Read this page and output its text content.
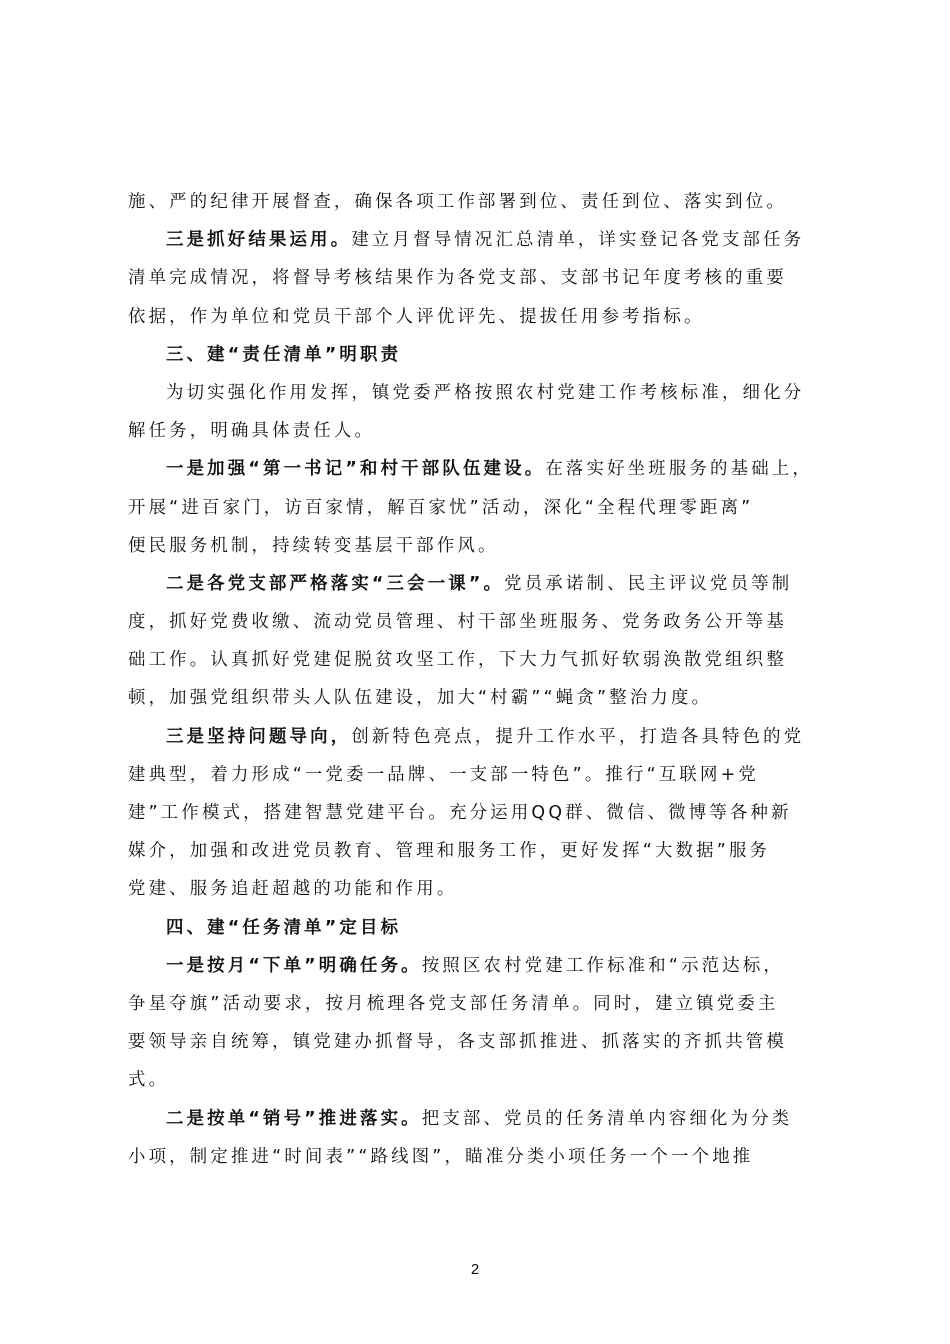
施、严的纪律开展督查，确保各项工作部署到位、责任到位、落实到位。
三是抓好结果运用。建立月督导情况汇总清单，详实登记各党支部任务
清单完成情况，将督导考核结果作为各党支部、支部书记年度考核的重要
依据，作为单位和党员干部个人评优评先、提拔任用参考指标。
三、建“责任清单”明职责
为切实强化作用发挥，镇党委严格按照农村党建工作考核标准，细化分
解任务，明确具体责任人。
一是加强“第一书记”和村干部队伍建设。在落实好坐班服务的基础上，
开展“进百家门，访百家情，解百家忧”活动，深化“全程代理零距离”
便民服务机制，持续转变基层干部作风。
二是各党支部严格落实“三会一课”。党员承诺制、民主评议党员等制
度，抓好党费收缴、流动党员管理、村干部坐班服务、党务政务公开等基
础工作。认真抓好党建促脱贫攻坚工作，下大力气抓好软弱涣散党组织整
顿，加强党组织带头人队伍建设，加大“村霸”“蝇贪”整治力度。
三是坚持问题导向，创新特色亮点，提升工作水平，打造各具特色的党
建典型，着力形成“一党委一品牌、一支部一特色”。推行“互联网+党
建”工作模式，搭建智慧党建平台。充分运用QQ群、微信、微博等各种新
媒介，加强和改进党员教育、管理和服务工作，更好发挥“大数据”服务
党建、服务追赶超越的功能和作用。
四、建“任务清单”定目标
一是按月“下单”明确任务。按照区农村党建工作标准和“示范达标，
争星夺旗”活动要求，按月梳理各党支部任务清单。同时，建立镇党委主
要领导亲自统筹，镇党建办抓督导，各支部抓推进、抓落实的齐抓共管模
式。
二是按单“销号”推进落实。把支部、党员的任务清单内容细化为分类
小项，制定推进“时间表”“路线图”，瞄准分类小项任务一个一个地推
2
